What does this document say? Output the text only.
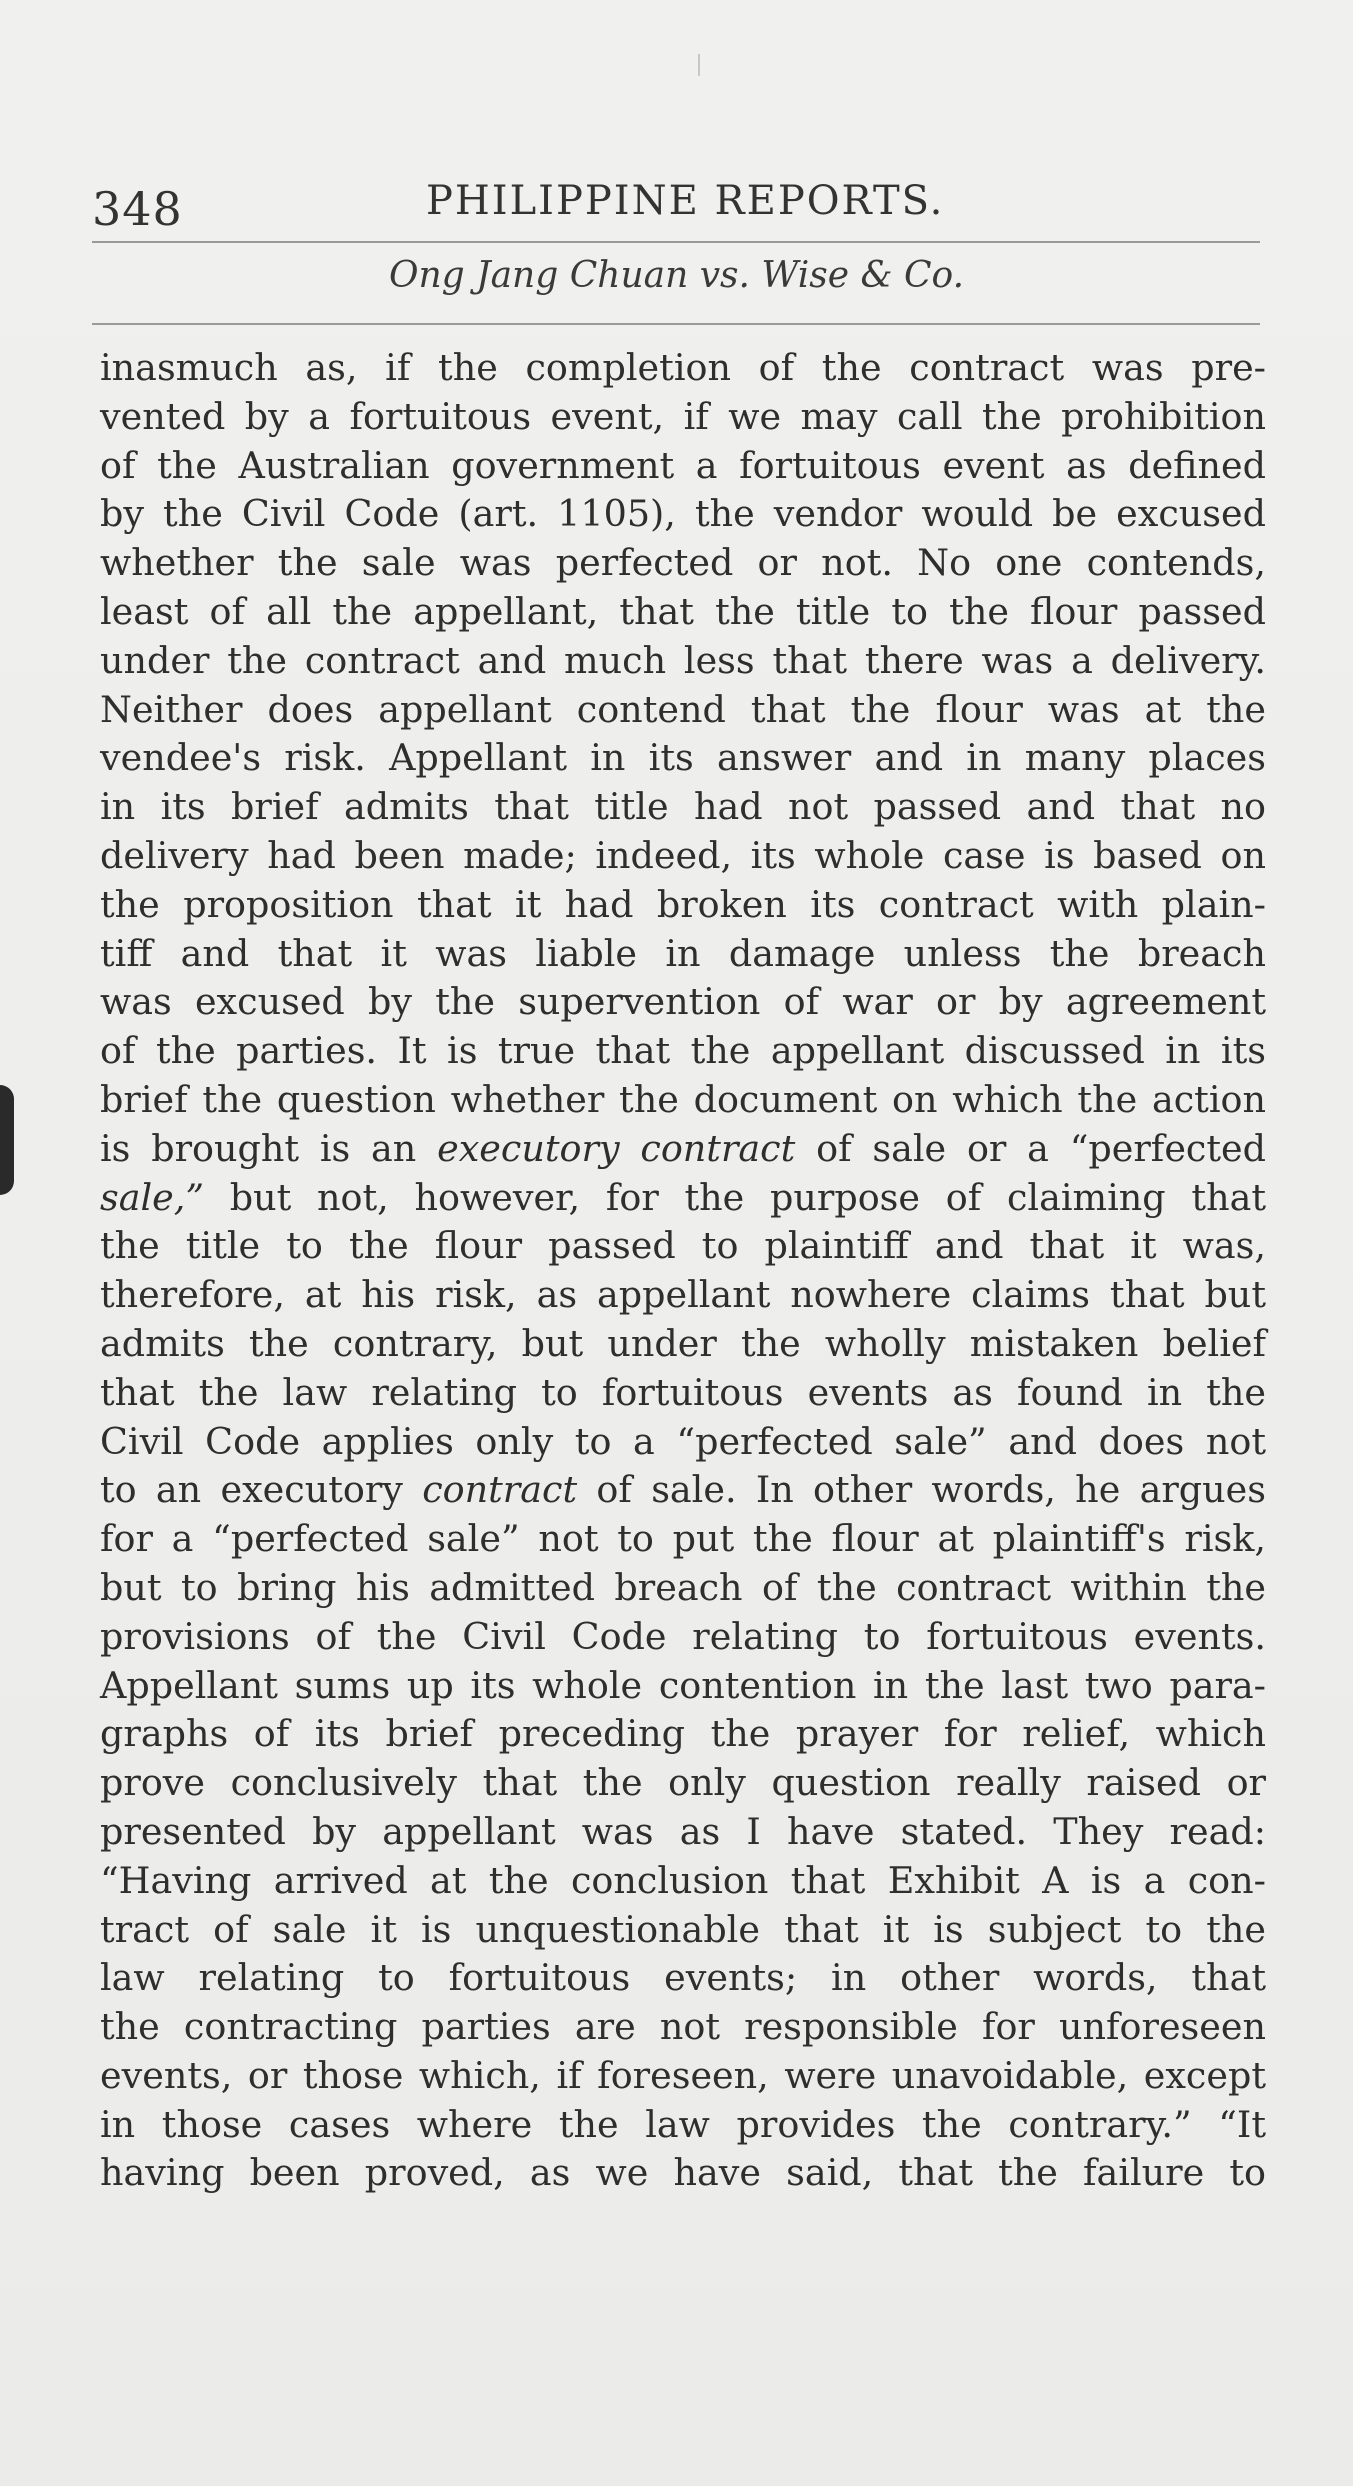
348	PHILIPPINE REPORTS.
Ong Jang Chuan vs. Wise & Co.
inasmuch as, if the completion of the contract was pre-
vented by a fortuitous event, if we may call the prohibition
of the Australian government a fortuitous event as defined
by the Civil Code (art. 1105), the vendor would be excused
whether the sale was perfected or not. No one contends,
least of all the appellant, that the title to the flour passed
under the contract and much less that there was a delivery.
Neither does appellant contend that the flour was at the
vendee's risk. Appellant in its answer and in many places
in its brief admits that title had not passed and that no
delivery had been made; indeed, its whole case is based on
the proposition that it had broken its contract with plain-
tiff and that it was liable in damage unless the breach
was excused by the supervention of war or by agreement
of the parties. It is true that the appellant discussed in its
brief the question whether the document on which the action
is brought is an executory contract of sale or a “perfected
sale,” but not, however, for the purpose of claiming that
the title to the flour passed to plaintiff and that it was,
therefore, at his risk, as appellant nowhere claims that but
admits the contrary, but under the wholly mistaken belief
that the law relating to fortuitous events as found in the
Civil Code applies only to a “perfected sale” and does not
to an executory contract of sale. In other words, he argues
for a “perfected sale” not to put the flour at plaintiff's risk,
but to bring his admitted breach of the contract within the
provisions of the Civil Code relating to fortuitous events.
Appellant sums up its whole contention in the last two para-
graphs of its brief preceding the prayer for relief, which
prove conclusively that the only question really raised or
presented by appellant was as I have stated. They read:
“Having arrived at the conclusion that Exhibit A is a con-
tract of sale it is unquestionable that it is subject to the
law relating to fortuitous events; in other words, that
the contracting parties are not responsible for unforeseen
events, or those which, if foreseen, were unavoidable, except
in those cases where the law provides the contrary.” “It
having been proved, as we have said, that the failure to
